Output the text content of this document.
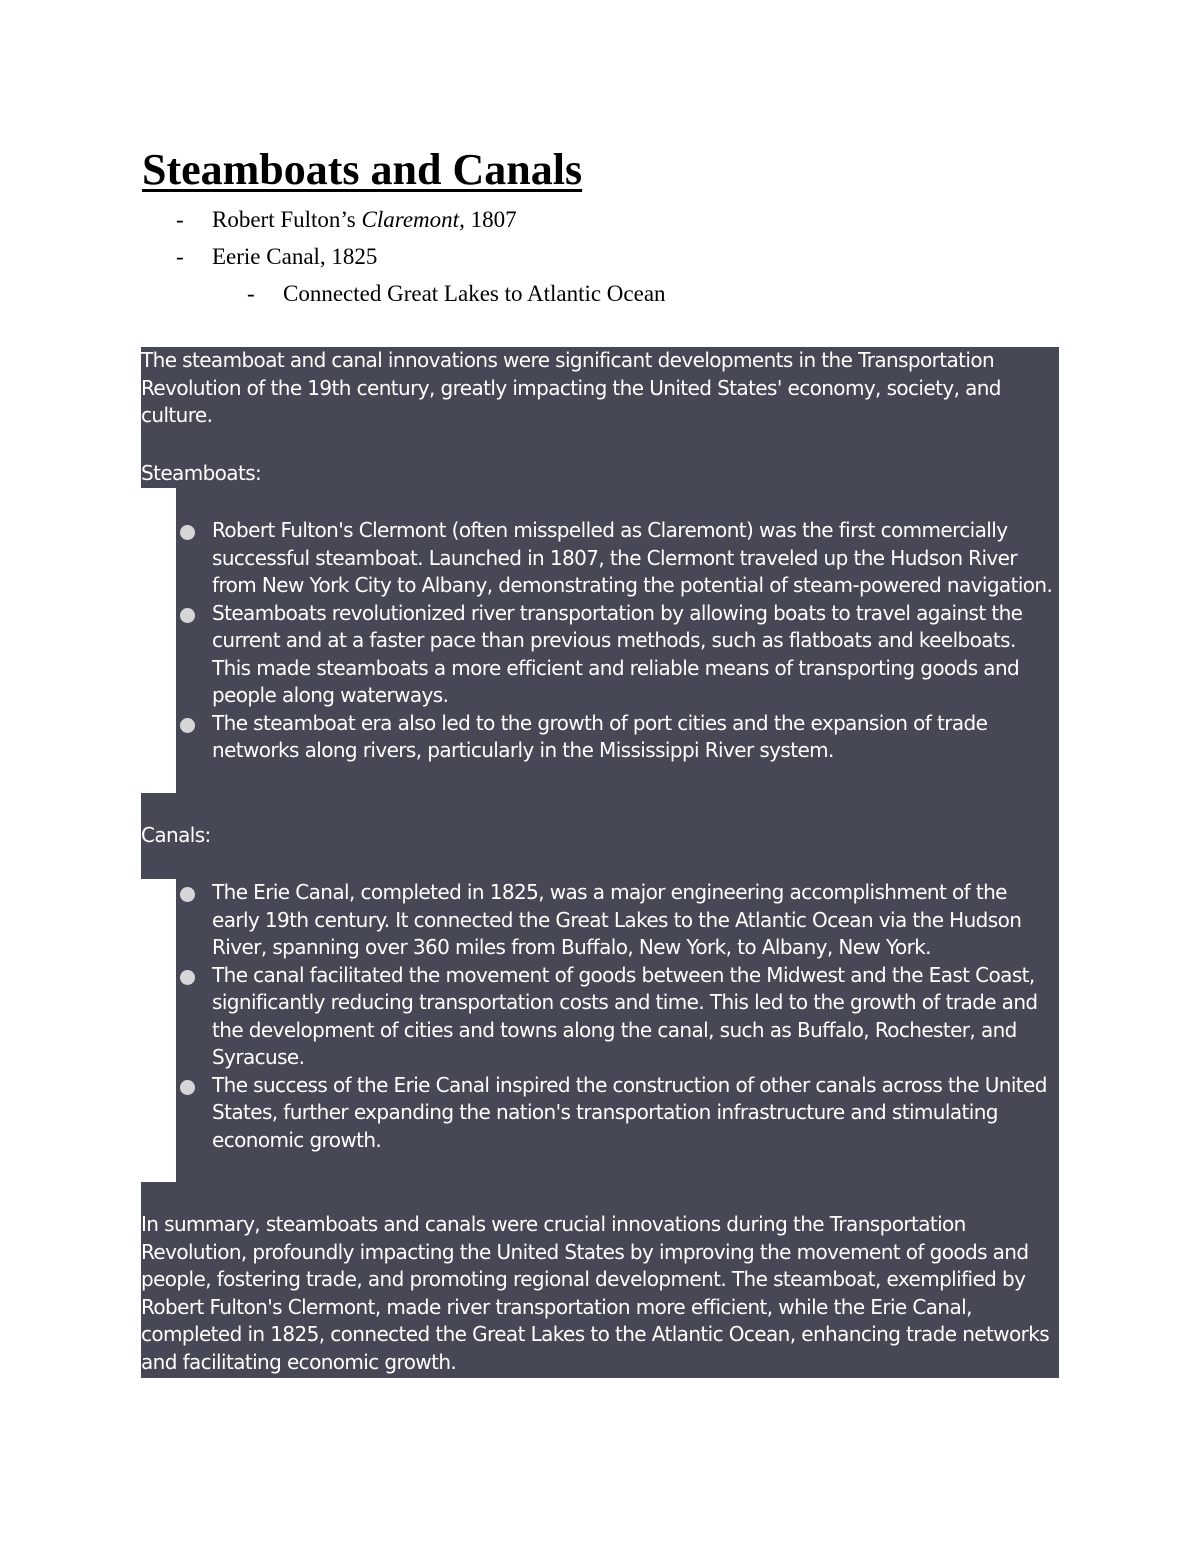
Steamboats and Canals
- Robert Fulton’s Claremont, 1807
- Eerie Canal, 1825
- Connected Great Lakes to Atlantic Ocean

The steamboat and canal innovations were significant developments in the Transportation Revolution of the 19th century, greatly impacting the United States' economy, society, and culture.

Steamboats:

Robert Fulton's Clermont (often misspelled as Claremont) was the first commercially successful steamboat. Launched in 1807, the Clermont traveled up the Hudson River from New York City to Albany, demonstrating the potential of steam-powered navigation.
Steamboats revolutionized river transportation by allowing boats to travel against the current and at a faster pace than previous methods, such as flatboats and keelboats. This made steamboats a more efficient and reliable means of transporting goods and people along waterways.
The steamboat era also led to the growth of port cities and the expansion of trade networks along rivers, particularly in the Mississippi River system.

Canals:

The Erie Canal, completed in 1825, was a major engineering accomplishment of the early 19th century. It connected the Great Lakes to the Atlantic Ocean via the Hudson River, spanning over 360 miles from Buffalo, New York, to Albany, New York.
The canal facilitated the movement of goods between the Midwest and the East Coast, significantly reducing transportation costs and time. This led to the growth of trade and the development of cities and towns along the canal, such as Buffalo, Rochester, and Syracuse.
The success of the Erie Canal inspired the construction of other canals across the United States, further expanding the nation's transportation infrastructure and stimulating economic growth.

In summary, steamboats and canals were crucial innovations during the Transportation Revolution, profoundly impacting the United States by improving the movement of goods and people, fostering trade, and promoting regional development. The steamboat, exemplified by Robert Fulton's Clermont, made river transportation more efficient, while the Erie Canal, completed in 1825, connected the Great Lakes to the Atlantic Ocean, enhancing trade networks and facilitating economic growth.
